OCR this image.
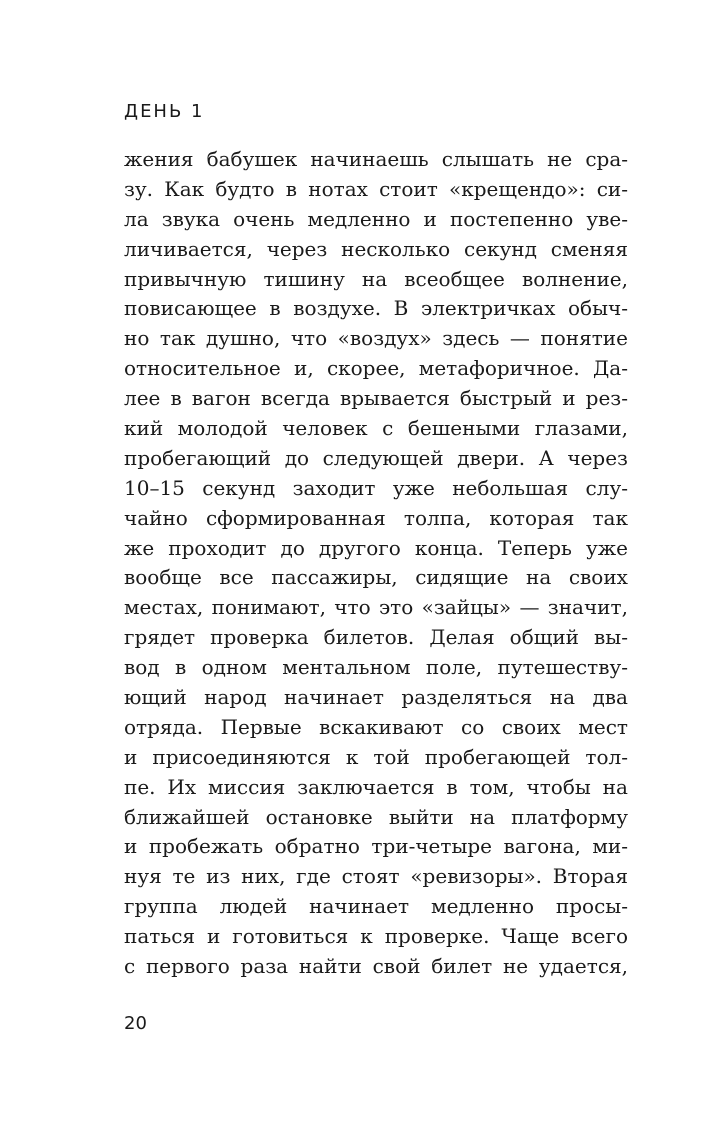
ДЕНЬ 1
жения бабушек начинаешь слышать не сра-
зу. Как будто в нотах стоит «крещендо»: си-
ла звука очень медленно и постепенно уве-
личивается, через несколько секунд сменяя
привычную тишину на всеобщее волнение,
повисающее в воздухе. В электричках обыч-
но так душно, что «воздух» здесь — понятие
относительное и, скорее, метафоричное. Да-
лее в вагон всегда врывается быстрый и рез-
кий молодой человек с бешеными глазами,
пробегающий до следующей двери. А через
10–15 секунд заходит уже небольшая слу-
чайно сформированная толпа, которая так
же проходит до другого конца. Теперь уже
вообще все пассажиры, сидящие на своих
местах, понимают, что это «зайцы» — значит,
грядет проверка билетов. Делая общий вы-
вод в одном ментальном поле, путешеству-
ющий народ начинает разделяться на два
отряда. Первые вскакивают со своих мест
и присоединяются к той пробегающей тол-
пе. Их миссия заключается в том, чтобы на
ближайшей остановке выйти на платформу
и пробежать обратно три-четыре вагона, ми-
нуя те из них, где стоят «ревизоры». Вторая
группа людей начинает медленно просы-
паться и готовиться к проверке. Чаще всего
с первого раза найти свой билет не удается,
20
